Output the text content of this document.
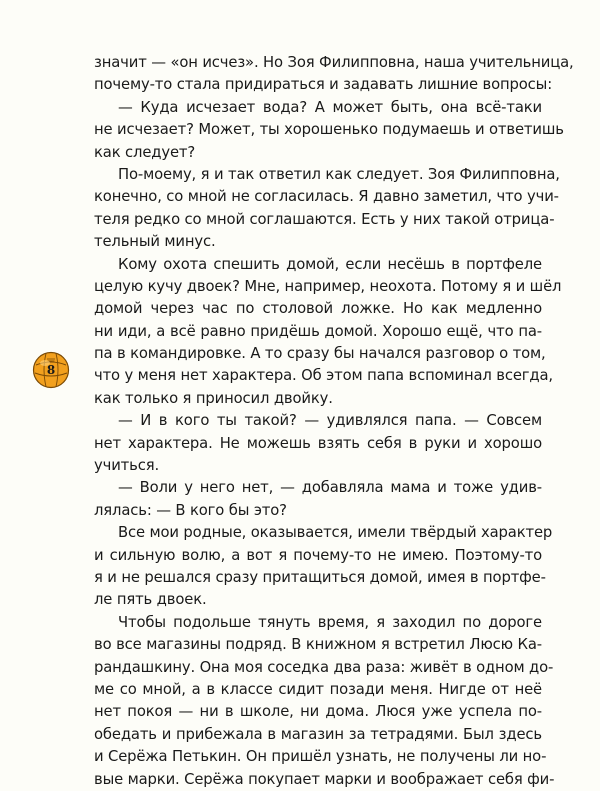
8
значит — «он исчез». Но Зоя Филипповна, наша учительница,
почему-то стала придираться и задавать лишние вопросы:
— Куда исчезает вода? А может быть, она всё-таки
не исчезает? Может, ты хорошенько подумаешь и ответишь
как следует?
По-моему, я и так ответил как следует. Зоя Филипповна,
конечно, со мной не согласилась. Я давно заметил, что учи-
теля редко со мной соглашаются. Есть у них такой отрица-
тельный минус.
Кому охота спешить домой, если несёшь в портфеле
целую кучу двоек? Мне, например, неохота. Потому я и шёл
домой через час по столовой ложке. Но как медленно
ни иди, а всё равно придёшь домой. Хорошо ещё, что па-
па в командировке. А то сразу бы начался разговор о том,
что у меня нет характера. Об этом папа вспоминал всегда,
как только я приносил двойку.
— И в кого ты такой? — удивлялся папа. — Совсем
нет характера. Не можешь взять себя в руки и хорошо
учиться.
— Воли у него нет, — добавляла мама и тоже удив-
лялась: — В кого бы это?
Все мои родные, оказывается, имели твёрдый характер
и сильную волю, а вот я почему-то не имею. Поэтому-то
я и не решался сразу притащиться домой, имея в портфе-
ле пять двоек.
Чтобы подольше тянуть время, я заходил по дороге
во все магазины подряд. В книжном я встретил Люсю Ка-
рандашкину. Она моя соседка два раза: живёт в одном до-
ме со мной, а в классе сидит позади меня. Нигде от неё
нет покоя — ни в школе, ни дома. Люся уже успела по-
обедать и прибежала в магазин за тетрадями. Был здесь
и Серёжа Петькин. Он пришёл узнать, не получены ли но-
вые марки. Серёжа покупает марки и воображает себя фи-
